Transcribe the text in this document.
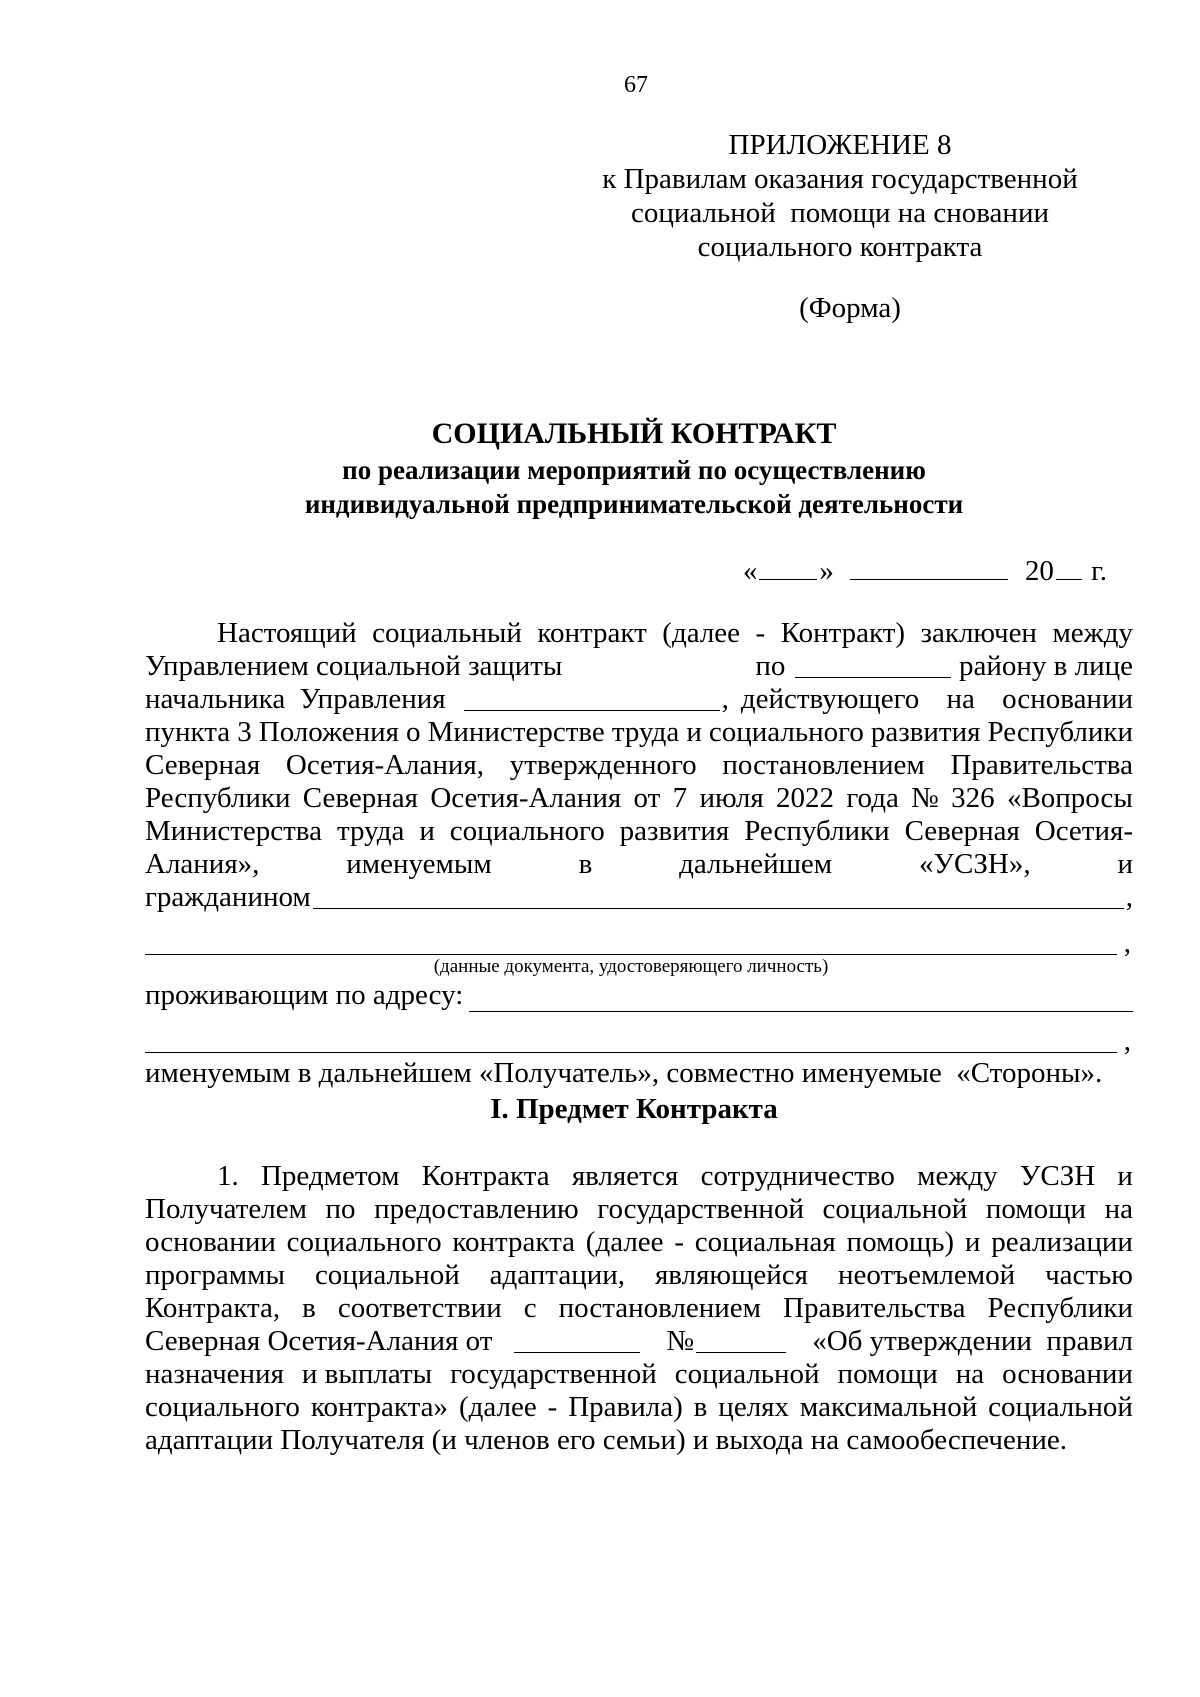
67
ПРИЛОЖЕНИЕ 8
к Правилам оказания государственной
социальной  помощи на сновании
социального контракта
(Форма)
СОЦИАЛЬНЫЙ КОНТРАКТ
по реализации мероприятий по осуществлению
индивидуальной предпринимательской деятельности
« »	20 г.
Настоящий социальный контракт (далее - Контракт) заключен между
Управлением социальной защиты	по	району в лице
начальника  Управления	, действующего на основании
пункта 3 Положения о Министерстве труда и социального развития Республики
Северная Осетия-Алания, утвержденного постановлением Правительства
Республики Северная Осетия-Алания от 7 июля 2022 года № 326 «Вопросы
Министерства труда и социального развития Республики Северная Осетия-
Алания»,	именуемым	в	дальнейшем	«УСЗН»,	и
гражданином	,
,
(данные документа, удостоверяющего личность)
проживающим по адресу:
,
именуемым в дальнейшем «Получатель», совместно именуемые  «Стороны».
I. Предмет Контракта
1. Предметом Контракта является сотрудничество между УСЗН и
Получателем по предоставлению государственной социальной помощи на
основании социального контракта (далее - социальная помощь) и реализации
программы социальной адаптации, являющейся неотъемлемой частью
Контракта, в соответствии с постановлением Правительства Республики
Северная Осетия-Алания от	№	«Об утверждении  правил
назначения и выплаты государственной социальной помощи на основании
социального контракта» (далее - Правила) в целях максимальной социальной
адаптации Получателя (и членов его семьи) и выхода на самообеспечение.
